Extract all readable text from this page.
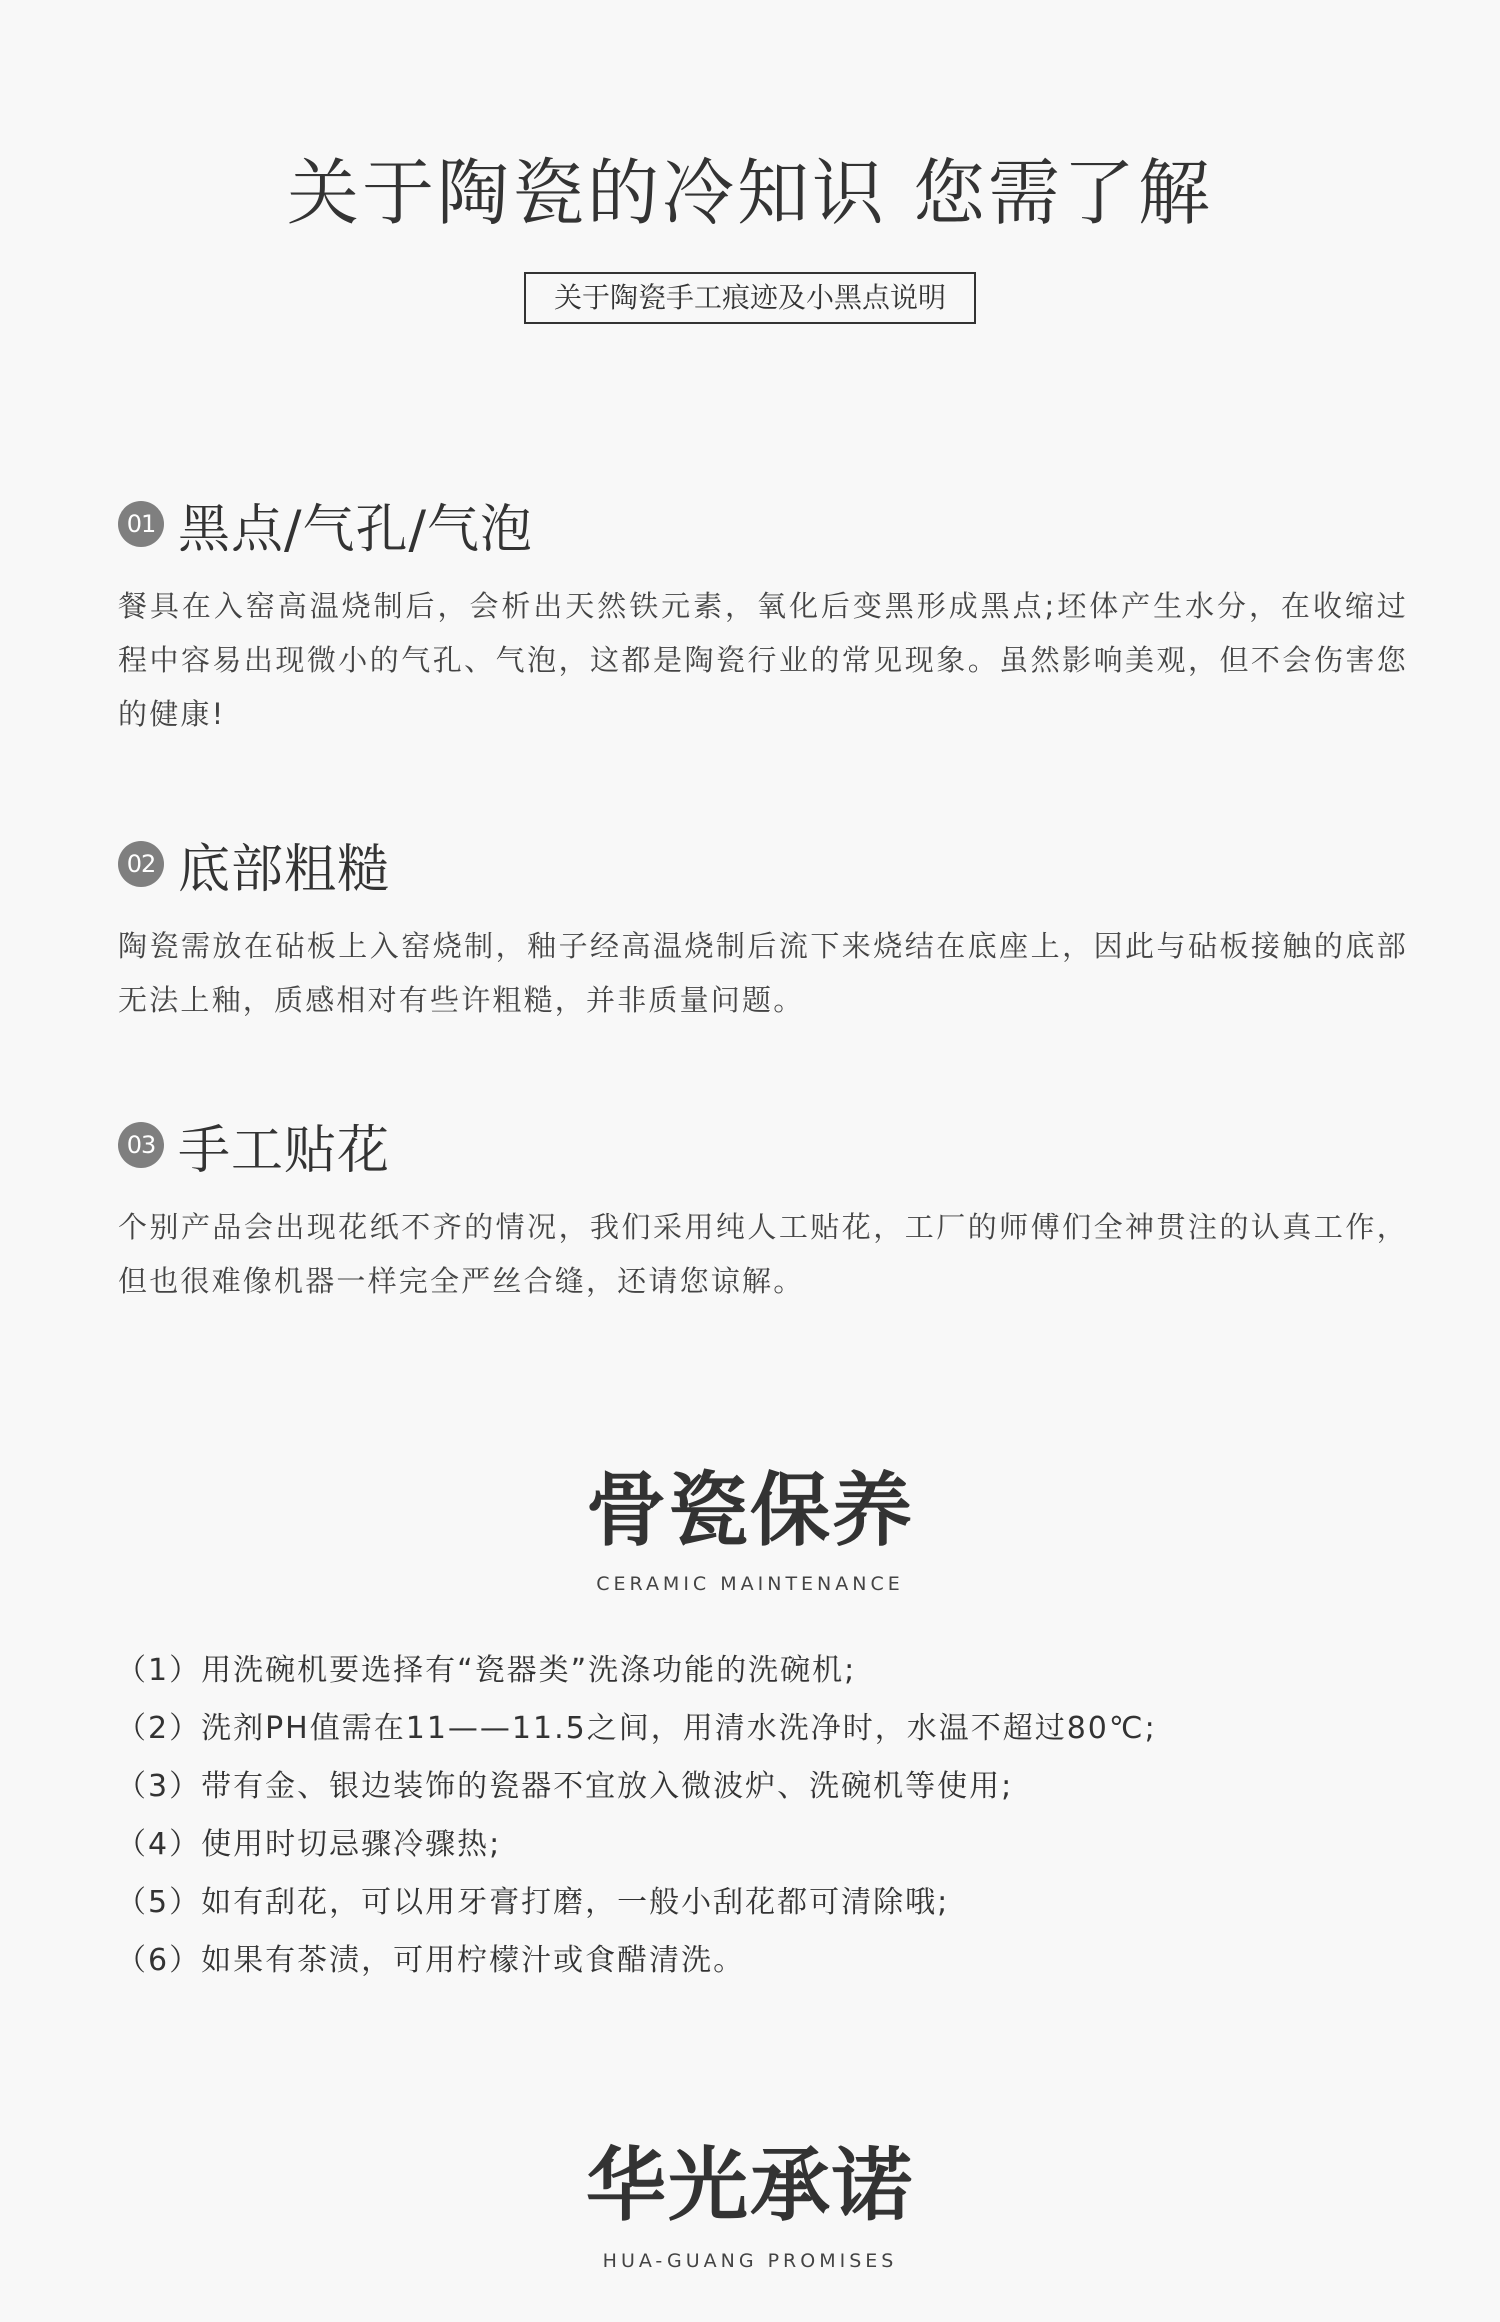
关于陶瓷的冷知识 您需了解
关于陶瓷手工痕迹及小黑点说明
01 黑点/气孔/气泡

餐具在入窑高温烧制后，会析出天然铁元素，氧化后变黑形成黑点;坯体产生水分，在收缩过程中容易出现微小的气孔、气泡，这都是陶瓷行业的常见现象。虽然影响美观，但不会伤害您的健康!

02 底部粗糙

陶瓷需放在砧板上入窑烧制，釉子经高温烧制后流下来烧结在底座上，因此与砧板接触的底部无法上釉，质感相对有些许粗糙，并非质量问题。

03 手工贴花

个别产品会出现花纸不齐的情况，我们采用纯人工贴花，工厂的师傅们全神贯注的认真工作，但也很难像机器一样完全严丝合缝，还请您谅解。

骨瓷保养
CERAMIC MAINTENANCE
（1）用洗碗机要选择有“瓷器类”洗涤功能的洗碗机;
（2）洗剂PH值需在11——11.5之间，用清水洗净时，水温不超过80℃;
（3）带有金、银边装饰的瓷器不宜放入微波炉、洗碗机等使用;
（4）使用时切忌骤冷骤热;
（5）如有刮花，可以用牙膏打磨，一般小刮花都可清除哦;
（6）如果有茶渍，可用柠檬汁或食醋清洗。
华光承诺
HUA-GUANG PROMISES
